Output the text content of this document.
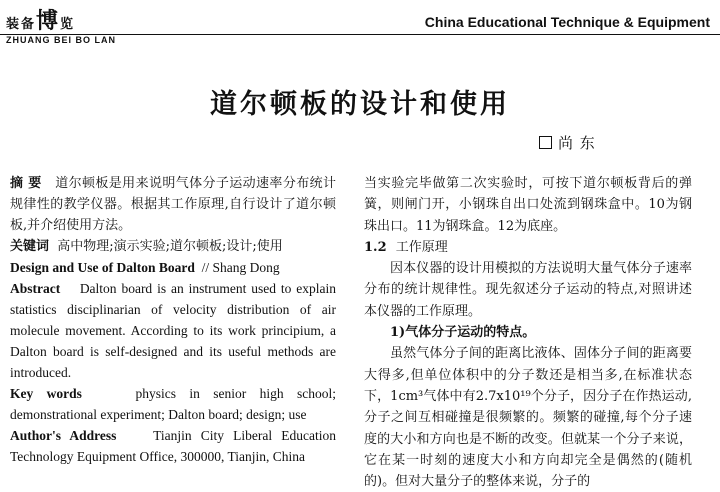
装备博览
ZHUANG BEI BO LAN
China Educational Technique & Equipment
道尔顿板的设计和使用
尚 东

摘 要 道尔顿板是用来说明气体分子运动速率分布统计规律性的教学仪器。根据其工作原理,自行设计了道尔顿板,并介绍使用方法。

关键词 高中物理;演示实验;道尔顿板;设计;使用

Design and Use of Dalton Board // Shang Dong

Abstract Dalton board is an instrument used to explain statistics disciplinarian of velocity distribution of air molecule movement. According to its work principium, a Dalton board is self-designed and its useful methods are introduced.

Key words	physics in senior high school; demonstrational experiment; Dalton board; design; use

Author's Address	Tianjin City Liberal Education Technology Equipment Office, 300000, Tianjin, China

当实验完毕做第二次实验时，可按下道尔顿板背后的弹簧，则闸门开，小钢珠自出口处流到钢珠盒中。10为钢珠出口。11为钢珠盒。12为底座。

1.2 工作原理

因本仪器的设计用模拟的方法说明大量气体分子速率分布的统计规律性。现先叙述分子运动的特点,对照讲述本仪器的工作原理。

1)气体分子运动的特点。

虽然气体分子间的距离比液体、固体分子间的距离要大得多,但单位体积中的分子数还是相当多,在标准状态下，1cm³气体中有2.7x10¹⁹个分子，因分子在作热运动,分子之间互相碰撞是很频繁的。频繁的碰撞,每个分子速度的大小和方向也是不断的改变。但就某一个分子来说，它在某一时刻的速度大小和方向却完全是偶然的(随机的)。但对大量分子的整体来说，分子的
